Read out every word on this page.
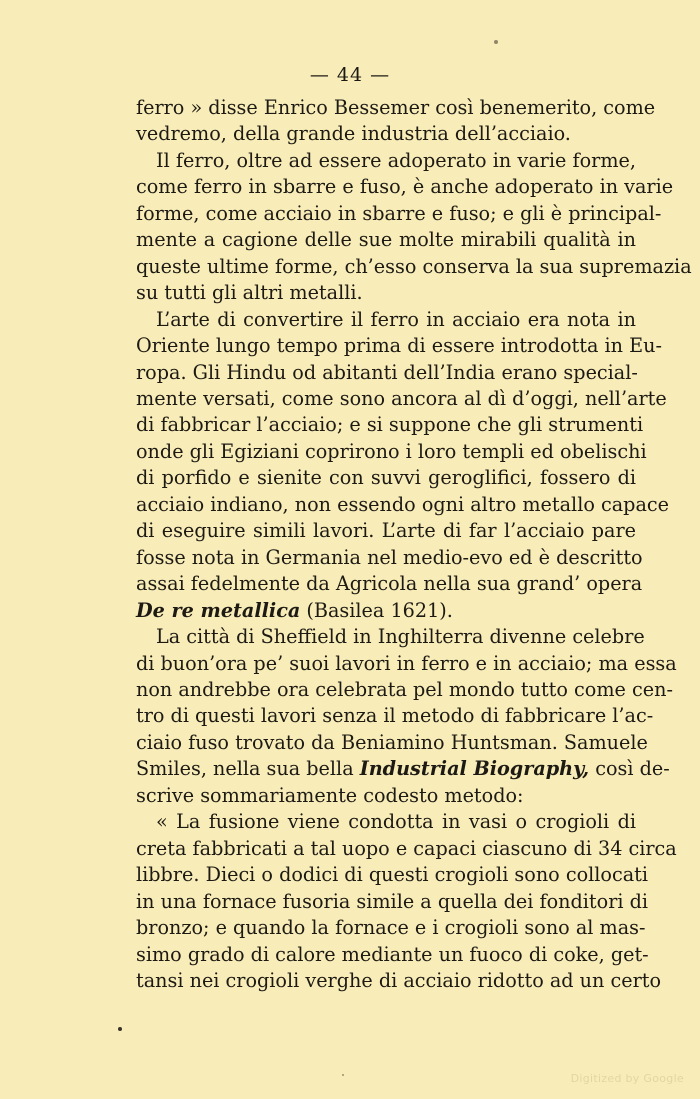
— 44 —
ferro » disse Enrico Bessemer così benemerito, come
vedremo, della grande industria dell’acciaio.
Il ferro, oltre ad essere adoperato in varie forme,
come ferro in sbarre e fuso, è anche adoperato in varie
forme, come acciaio in sbarre e fuso; e gli è principal-
mente a cagione delle sue molte mirabili qualità in
queste ultime forme, ch’esso conserva la sua supremazia
su tutti gli altri metalli.
L’arte di convertire il ferro in acciaio era nota in
Oriente lungo tempo prima di essere introdotta in Eu-
ropa. Gli Hindu od abitanti dell’India erano special-
mente versati, come sono ancora al dì d’oggi, nell’arte
di fabbricar l’acciaio; e si suppone che gli strumenti
onde gli Egiziani coprirono i loro templi ed obelischi
di porfido e sienite con suvvi geroglifici, fossero di
acciaio indiano, non essendo ogni altro metallo capace
di eseguire simili lavori. L’arte di far l’acciaio pare
fosse nota in Germania nel medio-evo ed è descritto
assai fedelmente da Agricola nella sua grand’ opera
De re metallica (Basilea 1621).
La città di Sheffield in Inghilterra divenne celebre
di buon’ora pe’ suoi lavori in ferro e in acciaio; ma essa
non andrebbe ora celebrata pel mondo tutto come cen-
tro di questi lavori senza il metodo di fabbricare l’ac-
ciaio fuso trovato da Beniamino Huntsman. Samuele
Smiles, nella sua bella Industrial Biography, così de-
scrive sommariamente codesto metodo:
« La fusione viene condotta in vasi o crogioli di
creta fabbricati a tal uopo e capaci ciascuno di 34 circa
libbre. Dieci o dodici di questi crogioli sono collocati
in una fornace fusoria simile a quella dei fonditori di
bronzo; e quando la fornace e i crogioli sono al mas-
simo grado di calore mediante un fuoco di coke, get-
tansi nei crogioli verghe di acciaio ridotto ad un certo
Digitized by Google
